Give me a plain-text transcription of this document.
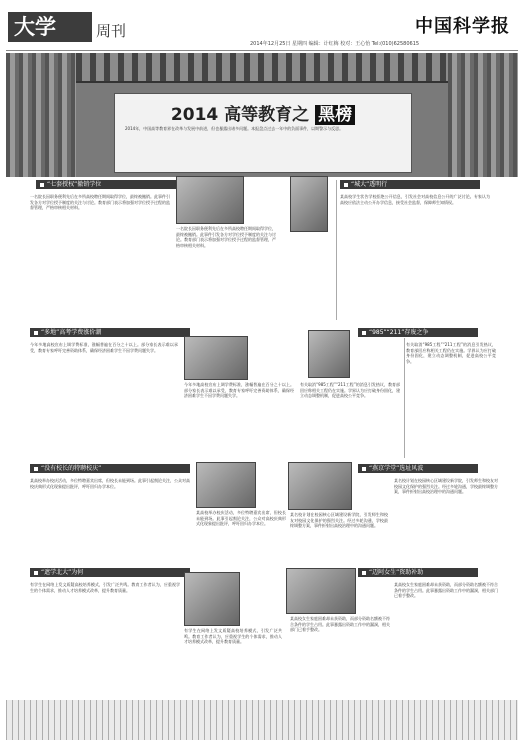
大学	周刊	中国科学报
2014年12月25日 星期四 编辑：计红梅 校对：王心怡 Tel:(010)62580615
2014 高等教育之 黑榜
2014年，中国高等教育界在改革与发展中前进，但也暴露出诸多问题。本报盘点过去一年中的负面事件，以期警示与反思。
“七套授权”撤销学位	“城大”透明行
一名院长因职务便利先后在多所高校聘任期间取得学位，最终被撤销。此事件引发各方对学位授予制度的关注与讨论。教育部门表示将加强对学位授予过程的监督管理，严格审核相关材料。
一名院长因职务便利先后在多所高校聘任期间取得学位，最终被撤销。此事件引发各方对学位授予制度的关注与讨论。教育部门表示将加强对学位授予过程的监督管理，严格审核相关材料。
某高校学生状告学校拒绝公开信息，引发社会对高校信息公开的广泛讨论。专家认为高校应依法主动公开办学信息，接受社会监督，保障师生知情权。
“多地”高考学费涨价潮	“985”“211”存废之争
今年多地高校宣布上调学费标准，涨幅普遍在百分之十以上。部分家长表示难以承受，教育专家呼吁完善资助体系，确保经济困难学生不因学费问题失学。
今年多地高校宣布上调学费标准，涨幅普遍在百分之十以上。部分家长表示难以承受，教育专家呼吁完善资助体系，确保经济困难学生不因学费问题失学。
有关取消“985工程”“211工程”的消息引发热议，教育部回应称相关工程仍在实施。学界认为应打破身份固化，建立动态调整机制，促进高校公平竞争。
有关取消“985工程”“211工程”的消息引发热议，教育部回应称相关工程仍在实施。学界认为应打破身份固化，建立动态调整机制，促进高校公平竞争。
“没有校长的特聘校庆”	“燕京学堂”选址风波
某高校举办校庆活动，多位特聘嘉宾出席，但校长未能到场。此事引起舆论关注，公众对高校庆典形式化现象提出批评，呼吁回归办学本位。
某高校举办校庆活动，多位特聘嘉宾出席，但校长未能到场。此事引起舆论关注，公众对高校庆典形式化现象提出批评，呼吁回归办学本位。
某名校计划在校园核心区域建设新学院，引发师生和校友对校园文化保护的强烈关注。经过多轮沟通，学校最终调整方案，事件折射出高校治理中的沟通问题。
某名校计划在校园核心区域建设新学院，引发师生和校友对校园文化保护的强烈关注。经过多轮沟通，学校最终调整方案，事件折射出高校治理中的沟通问题。
“遮学北大”为何	“迈阿女生”资助补助
有学生在网络上发文质疑高校培养模式，引发广泛共鸣。教育工作者认为，应重视学生的个体需求，推动人才培养模式改革，提升教育质量。
有学生在网络上发文质疑高校培养模式，引发广泛共鸣。教育工作者认为，应重视学生的个体需求，推动人才培养模式改革，提升教育质量。
某高校女生家庭困难却未获资助，而部分资助名额被不符合条件的学生占用。此事暴露出资助工作中的漏洞，相关部门已着手整改。
某高校女生家庭困难却未获资助，而部分资助名额被不符合条件的学生占用。此事暴露出资助工作中的漏洞，相关部门已着手整改。
